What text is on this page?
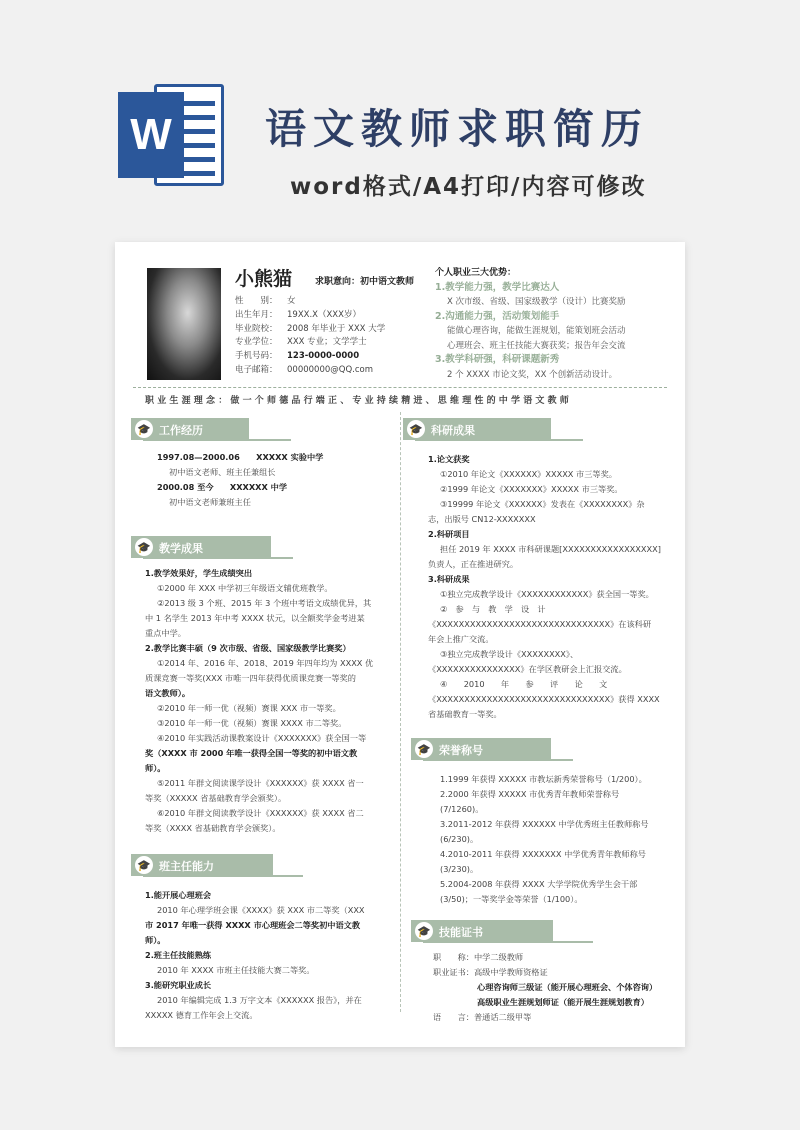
W 语文教师求职简历
word格式/A4打印/内容可修改
小熊猫	求职意向：初中语文教师
性　　别： 女
出生年月： 19XX.X（XXX岁）
毕业院校： 2008 年毕业于 XXX 大学
专业学位： XXX 专业；文学学士
手机号码： 123-0000-0000
电子邮箱： 00000000@QQ.com
个人职业三大优势：
1.教学能力强，教学比赛达人
X 次市级、省级、国家级教学（设计）比赛奖励
2.沟通能力强，活动策划能手
能做心理咨询，能做生涯规划，能策划班会活动
心理班会、班主任技能大赛获奖；报告年会交流
3.教学科研强，科研课题新秀
2 个 XXXX 市论文奖，XX 个创新活动设计。
职业生涯理念：做一个师德品行端正、专业持续精进、思维理性的中学语文教师
🎓 工作经历

1997.08—2000.06　　 XXXXX 实验中学

初中语文老师、班主任兼组长

2000.08 至今　　 XXXXXX 中学

初中语文老师兼班主任

🎓 教学成果

1.教学效果好，学生成绩突出

①2000 年 XXX 中学初三年级语文辅优班教学。

②2013 级 3 个班、2015 年 3 个班中考语文成绩优异，其

中 1 名学生 2013 年中考 XXXX 状元，以全额奖学金考进某

重点中学。

2.教学比赛丰硕（9 次市级、省级、国家级教学比赛奖）

①2014 年、2016 年、2018、2019 年四年均为 XXXX 优

质课竞赛一等奖(XXX 市唯一四年获得优质课竞赛一等奖的

语文教师）。

②2010 年一师一优（视频）赛课 XXX 市一等奖。

③2010 年一师一优（视频）赛课 XXXX 市二等奖。

④2010 年实践活动课教案设计《XXXXXXX》获全国一等

奖（XXXX 市 2000 年唯一获得全国一等奖的初中语文教

师）。

⑤2011 年群文阅读课学设计《XXXXXX》获 XXXX 省一

等奖（XXXXX 省基础教育学会颁奖）。

⑥2010 年群文阅读教学设计《XXXXXX》获 XXXX 省二

等奖（XXXX 省基础教育学会颁奖）。

🎓 班主任能力

1.能开展心理班会

2010 年心理学班会课《XXXX》获 XXX 市二等奖（XXX

市 2017 年唯一获得 XXXX 市心理班会二等奖初中语文教

师）。

2.班主任技能熟练

2010 年 XXXX 市班主任技能大赛二等奖。

3.能研究职业成长

2010 年编辑完成 1.3 万字文本《XXXXXX 报告》，并在

XXXXX 德育工作年会上交流。

🎓 科研成果

1.论文获奖

①2010 年论文《XXXXXX》XXXXX 市三等奖。

②1999 年论文《XXXXXXX》XXXXX 市三等奖。

③19999 年论文《XXXXXX》发表在《XXXXXXXX》杂

志，出版号 CN12-XXXXXXX

2.科研项目

担任 2019 年 XXXX 市科研课题[XXXXXXXXXXXXXXXXX]

负责人，正在推进研究。

3.科研成果

①独立完成教学设计《XXXXXXXXXXXX》获全国一等奖。

②　参　与　教　学　设　计

《XXXXXXXXXXXXXXXXXXXXXXXXXXXXXXX》在该科研

年会上推广交流。

③独立完成教学设计《XXXXXXXX》、

《XXXXXXXXXXXXXXX》在学区教研会上汇报交流。

④　　2010　　年　　参　　评　　论　　文

《XXXXXXXXXXXXXXXXXXXXXXXXXXXXXXX》获得 XXXX

省基础教育一等奖。

🎓 荣誉称号

1.1999 年获得 XXXXX 市教坛新秀荣誉称号（1/200）。

2.2000 年获得 XXXXX 市优秀青年教师荣誉称号

(7/1260)。

3.2011-2012 年获得 XXXXXX 中学优秀班主任教师称号

(6/230)。

4.2010-2011 年获得 XXXXXXX 中学优秀青年教师称号

(3/230)。

5.2004-2008 年获得 XXXX 大学学院优秀学生会干部

(3/50)；一等奖学金等荣誉（1/100）。

🎓 技能证书

职　　称：中学二级教师

职业证书：高级中学教师资格证

心理咨询师三级证（能开展心理班会、个体咨询）

高级职业生涯规划师证（能开展生涯规划教育）

语　　言：普通话二级甲等
